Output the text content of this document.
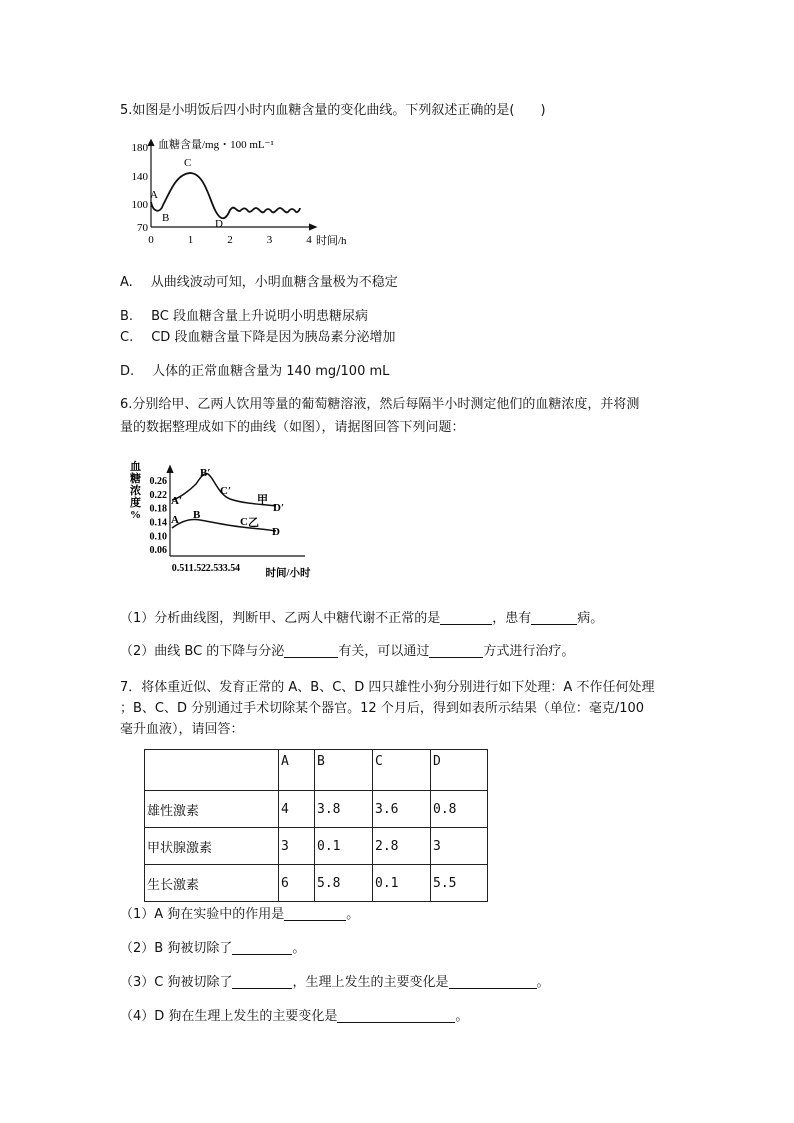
5.如图是小明饭后四小时内血糖含量的变化曲线。下列叙述正确的是(　　)
血糖含量/mg・100 mL⁻¹
时间/h
180
140
100
70
0	1	2	3	4
A
B
C
D
A. 从曲线波动可知，小明血糖含量极为不稳定
B. BC 段血糖含量上升说明小明患糖尿病
C. CD 段血糖含量下降是因为胰岛素分泌增加
D. 人体的正常血糖含量为 140 mg/100 mL
6.分别给甲、乙两人饮用等量的葡萄糖溶液，然后每隔半小时测定他们的血糖浓度，并将测
量的数据整理成如下的曲线（如图），请据图回答下列问题：
血
糖
浓
度
%
0.26
0.22
0.18
0.14
0.10
0.06
0.5 1 1.5 2 2.5 3 3.5 4 时间/小时
A′
B′
C′
D′
A B
C
D
甲
乙
（1）分析曲线图，判断甲、乙两人中糖代谢不正常的是	，患有	病。
（2）曲线 BC 的下降与分泌	有关，可以通过	方式进行治疗。
7．将体重近似、发育正常的 A、B、C、D 四只雄性小狗分别进行如下处理：A 不作任何处理
；B、C、D 分别通过手术切除某个器官。12 个月后，得到如表所示结果（单位：毫克/100
毫升血液），请回答：
	A	B	C	D
雄性激素	4	3.8	3.6	0.8
甲状腺激素	3	0.1	2.8	3
生长激素	6	5.8	0.1	5.5
（1）A 狗在实验中的作用是	。
（2）B 狗被切除了	。
（3）C 狗被切除了	，生理上发生的主要变化是	。
（4）D 狗在生理上发生的主要变化是	。
